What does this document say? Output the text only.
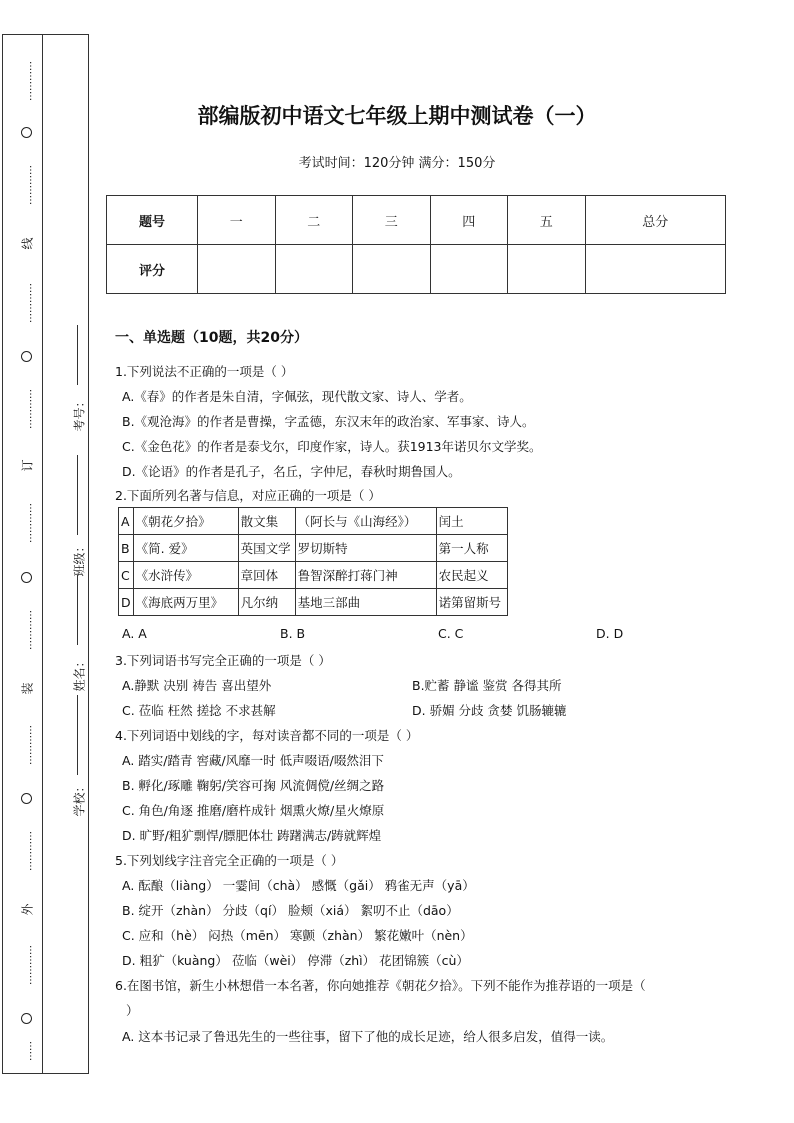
…………
…………
线
…………
…………
订
…………
…………
装
…………
…………
外
…………
……
考号：
班级：
姓名：
学校：
部编版初中语文七年级上期中测试卷（一）
考试时间：120分钟 满分：150分
题号	一	二	三	四	五	总分
评分						
一、单选题（10题，共20分）
1.下列说法不正确的一项是（ ）
A.《春》的作者是朱自清，字佩弦，现代散文家、诗人、学者。
B.《观沧海》的作者是曹操，字孟德，东汉末年的政治家、军事家、诗人。
C.《金色花》的作者是泰戈尔，印度作家，诗人。获1913年诺贝尔文学奖。
D.《论语》的作者是孔子，名丘，字仲尼，春秋时期鲁国人。
2.下面所列名著与信息，对应正确的一项是（ ）
A	《朝花夕拾》	散文集	（阿长与《山海经》）	闰土
B	《简. 爱》	英国文学	罗切斯特	第一人称
C	《水浒传》	章回体	鲁智深醉打蒋门神	农民起义
D	《海底两万里》	凡尔纳	基地三部曲	诺第留斯号
A. A	B. B	C. C	D. D
3.下列词语书写完全正确的一项是（ ）
A.静默 决别 祷告 喜出望外	B.贮蓄 静谧 鉴赏 各得其所
C. 莅临 枉然 搓捻 不求甚解	D. 骄媚 分歧 贪婪 饥肠辘辘
4.下列词语中划线的字，每对读音都不同的一项是（ ）
A. 踏实/踏青 窖藏/风靡一时 低声啜语/啜然泪下
B. 孵化/琢雕 鞠躬/笑容可掬 风流倜傥/丝绸之路
C. 角色/角逐 推磨/磨杵成针 烟熏火燎/星火燎原
D. 旷野/粗犷剽悍/膘肥体壮 踌躇满志/踌就辉煌
5.下列划线字注音完全正确的一项是（ ）
A. 酝酿（liàng） 一霎间（chà） 感慨（gǎi） 鸦雀无声（yā）
B. 绽开（zhàn） 分歧（qí） 脸颊（xiá） 絮叨不止（dāo）
C. 应和（hè） 闷热（mēn） 寒颤（zhàn） 繁花嫩叶（nèn）
D. 粗犷（kuàng） 莅临（wèi） 停滞（zhì） 花团锦簇（cù）
6.在图书馆，新生小林想借一本名著，你向她推荐《朝花夕拾》。下列不能作为推荐语的一项是（
）
A. 这本书记录了鲁迅先生的一些往事，留下了他的成长足迹，给人很多启发，值得一读。
